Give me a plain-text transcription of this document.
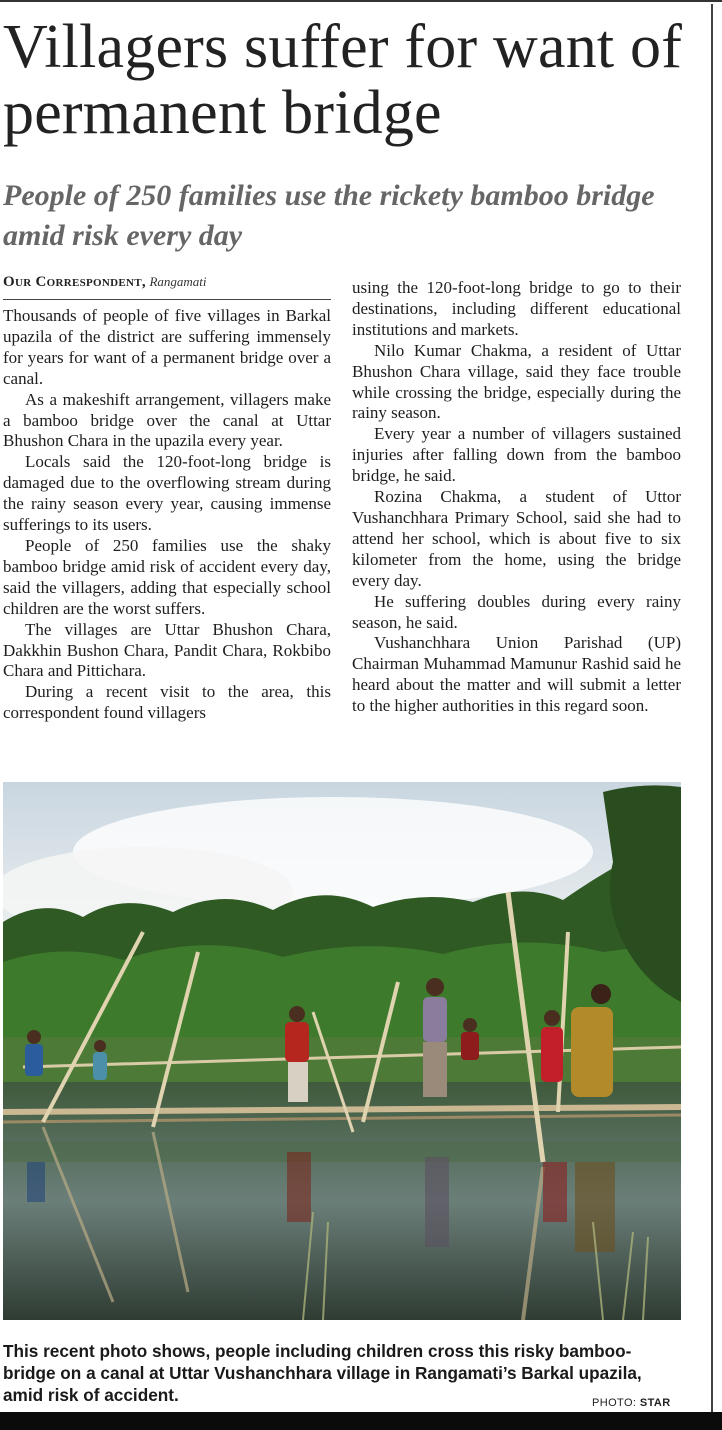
Villagers suffer for want of permanent bridge
People of 250 families use the rickety bamboo bridge amid risk every day
Our Correspondent, Rangamati

Thousands of people of five villages in Barkal upazila of the district are suffering immensely for years for want of a permanent bridge over a canal.

As a makeshift arrangement, villagers make a bamboo bridge over the canal at Uttar Bhushon Chara in the upazila every year.

Locals said the 120-foot-long bridge is damaged due to the overflowing stream during the rainy season every year, causing immense sufferings to its users.

People of 250 families use the shaky bamboo bridge amid risk of accident every day, said the villagers, adding that especially school children are the worst suffers.

The villages are Uttar Bhushon Chara, Dakkhin Bushon Chara, Pandit Chara, Rokbibo Chara and Pittichara.

During a recent visit to the area, this correspondent found villagers

using the 120-foot-long bridge to go to their destinations, including different educational institutions and markets.

Nilo Kumar Chakma, a resident of Uttar Bhushon Chara village, said they face trouble while crossing the bridge, especially during the rainy season.

Every year a number of villagers sustained injuries after falling down from the bamboo bridge, he said.

Rozina Chakma, a student of Uttor Vushanchhara Primary School, said she had to attend her school, which is about five to six kilometer from the home, using the bridge every day.

He suffering doubles during every rainy season, he said.

Vushanchhara Union Parishad (UP) Chairman Muhammad Mamunur Rashid said he heard about the matter and will submit a letter to the higher authorities in this regard soon.

This recent photo shows, people including children cross this risky bamboo-bridge on a canal at Uttar Vushanchhara village in Rangamati’s Barkal upazila, amid risk of accident.	PHOTO: STAR
